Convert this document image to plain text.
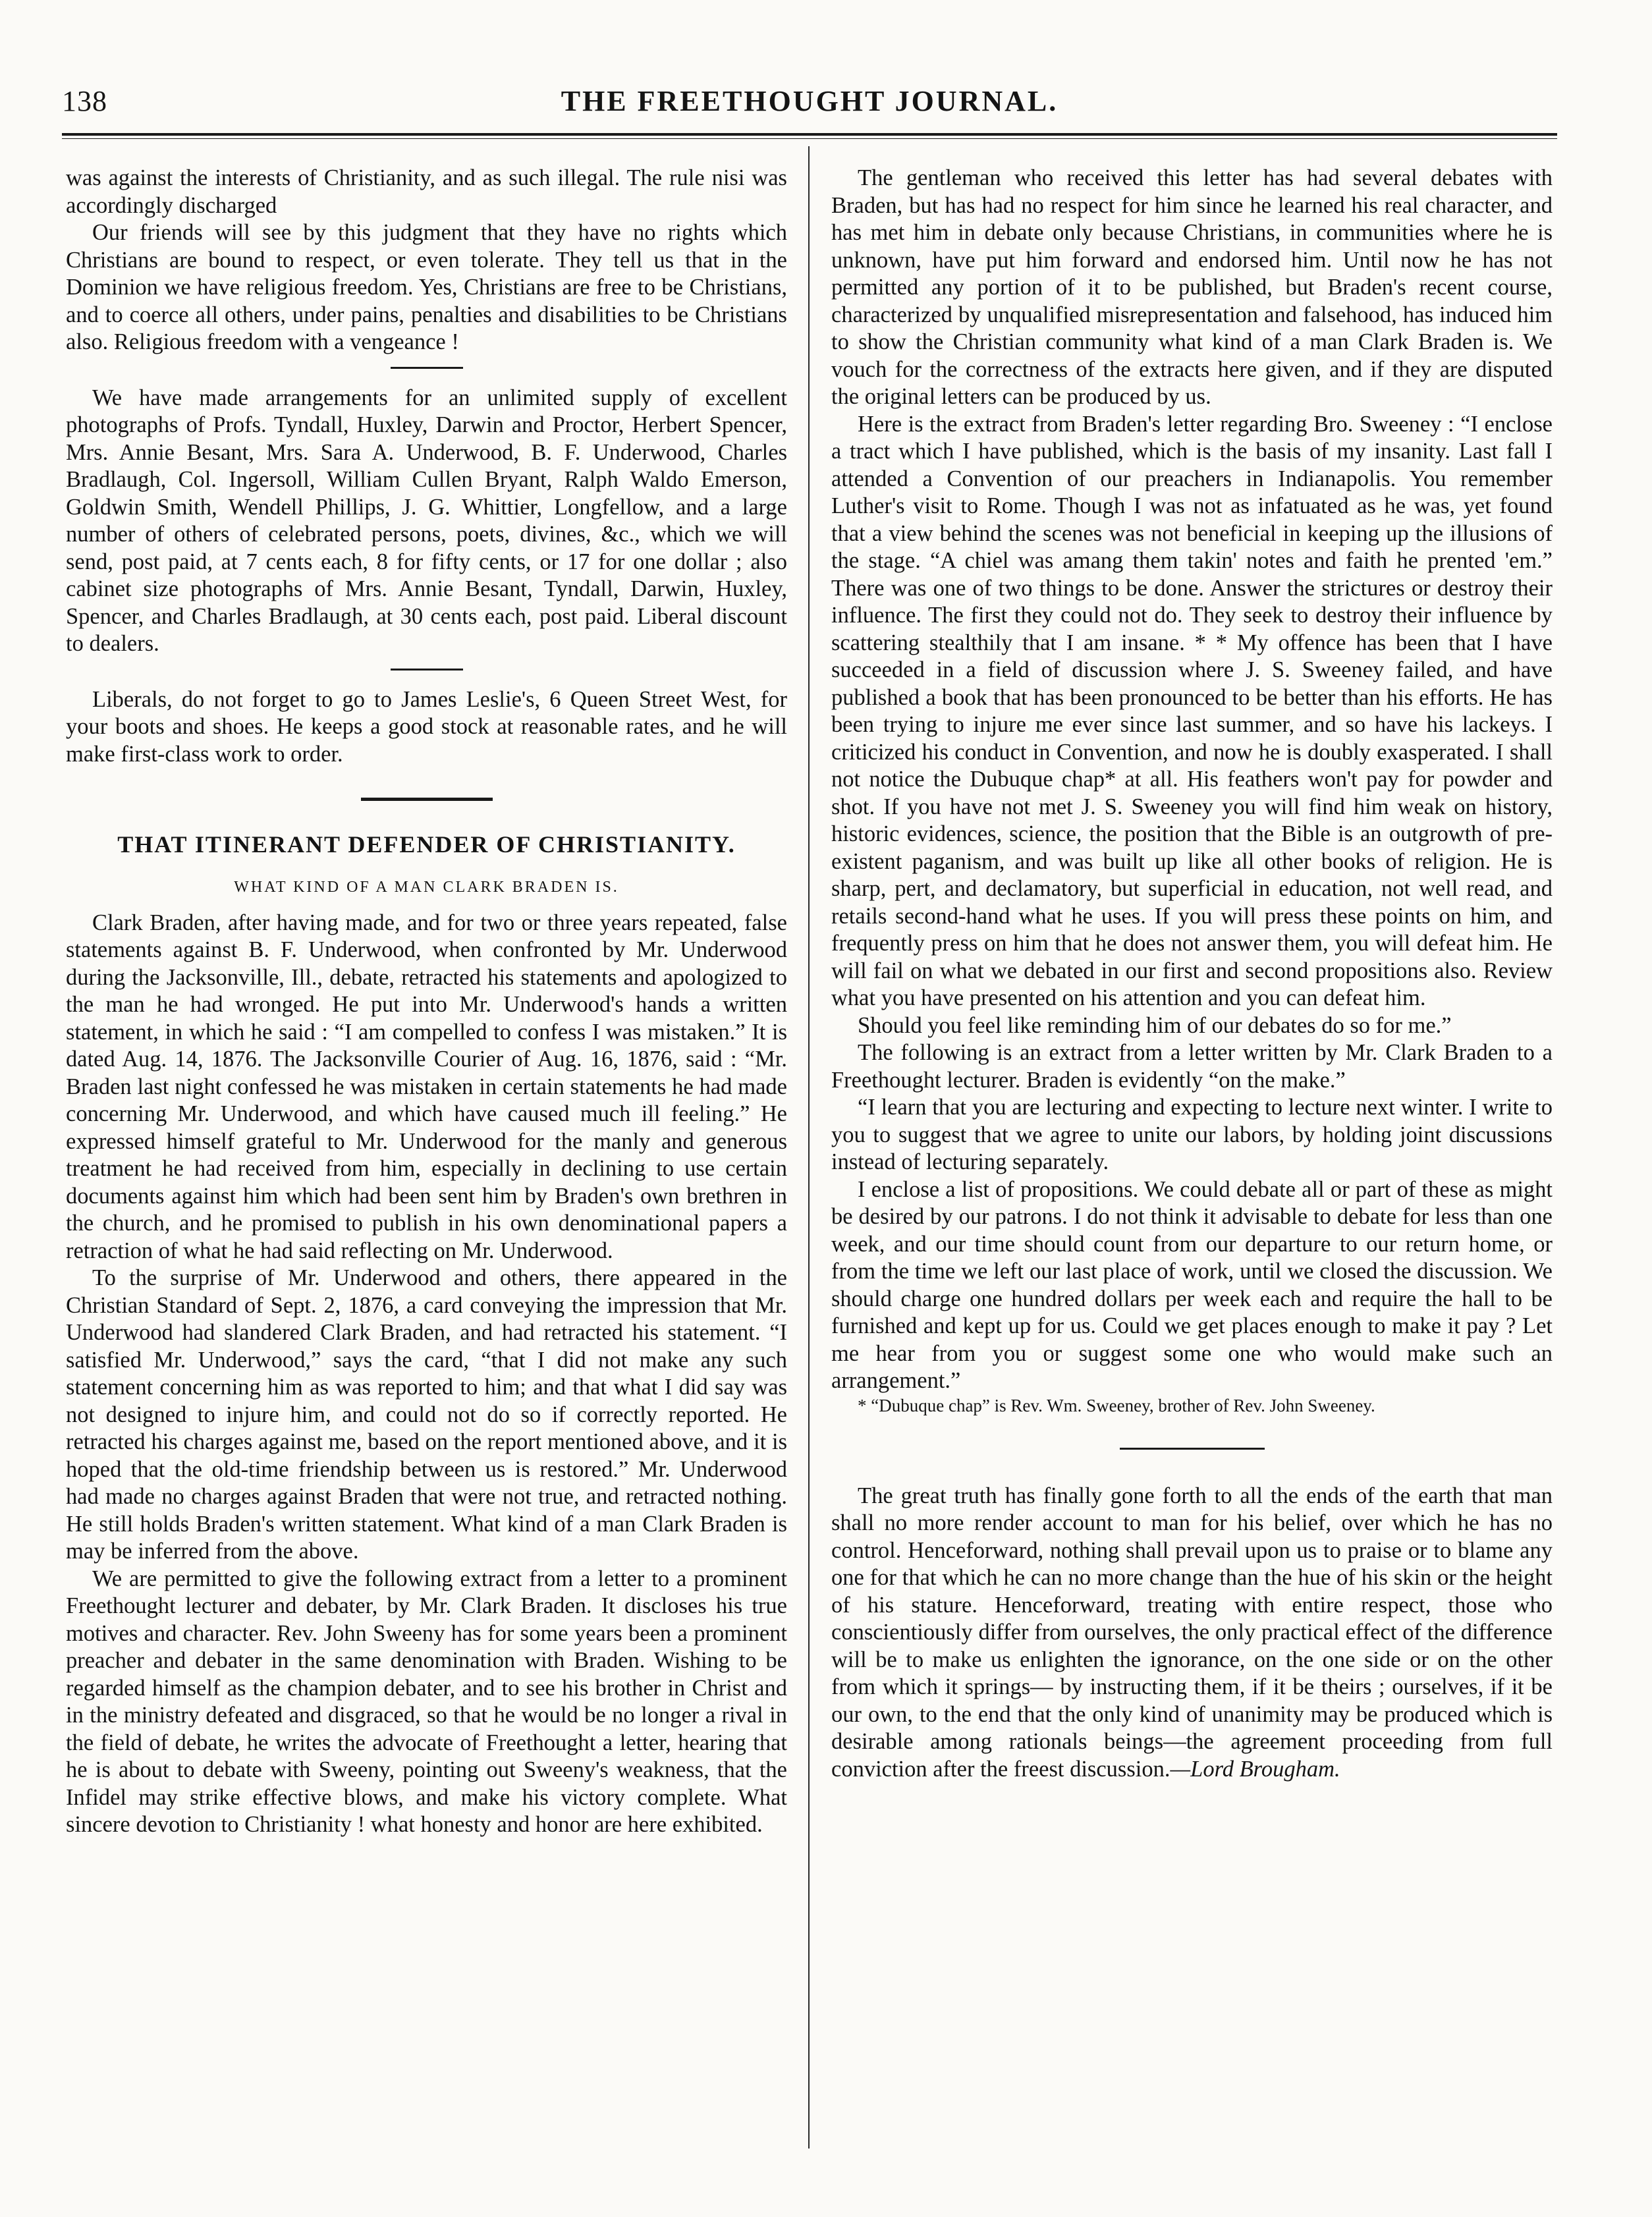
138	THE FREETHOUGHT JOURNAL.

was against the interests of Christianity, and as such illegal. The rule nisi was accordingly discharged

Our friends will see by this judgment that they have no rights which Christians are bound to respect, or even tolerate. They tell us that in the Dominion we have religious freedom. Yes, Christians are free to be Christians, and to coerce all others, under pains, penalties and disabilities to be Christians also. Religious freedom with a vengeance !

We have made arrangements for an unlimited supply of excellent photographs of Profs. Tyndall, Huxley, Darwin and Proctor, Herbert Spencer, Mrs. Annie Besant, Mrs. Sara A. Underwood, B. F. Underwood, Charles Bradlaugh, Col. Ingersoll, William Cullen Bryant, Ralph Waldo Emerson, Goldwin Smith, Wendell Phillips, J. G. Whittier, Longfellow, and a large number of others of celebrated persons, poets, divines, &c., which we will send, post paid, at 7 cents each, 8 for fifty cents, or 17 for one dollar ; also cabinet size photographs of Mrs. Annie Besant, Tyndall, Darwin, Huxley, Spencer, and Charles Bradlaugh, at 30 cents each, post paid. Liberal discount to dealers.

Liberals, do not forget to go to James Leslie's, 6 Queen Street West, for your boots and shoes. He keeps a good stock at reasonable rates, and he will make first-class work to order.

THAT ITINERANT DEFENDER OF CHRISTIANITY.
WHAT KIND OF A MAN CLARK BRADEN IS.

Clark Braden, after having made, and for two or three years repeated, false statements against B. F. Underwood, when confronted by Mr. Underwood during the Jacksonville, Ill., debate, retracted his statements and apologized to the man he had wronged. He put into Mr. Underwood's hands a written statement, in which he said : “I am compelled to confess I was mistaken.” It is dated Aug. 14, 1876. The Jacksonville Courier of Aug. 16, 1876, said : “Mr. Braden last night confessed he was mistaken in certain statements he had made concerning Mr. Underwood, and which have caused much ill feeling.” He expressed himself grateful to Mr. Underwood for the manly and generous treatment he had received from him, especially in declining to use certain documents against him which had been sent him by Braden's own brethren in the church, and he promised to publish in his own denominational papers a retraction of what he had said reflecting on Mr. Underwood.

To the surprise of Mr. Underwood and others, there appeared in the Christian Standard of Sept. 2, 1876, a card conveying the impression that Mr. Underwood had slandered Clark Braden, and had retracted his statement. “I satisfied Mr. Underwood,” says the card, “that I did not make any such statement concerning him as was reported to him; and that what I did say was not designed to injure him, and could not do so if correctly reported. He retracted his charges against me, based on the report mentioned above, and it is hoped that the old-time friendship between us is restored.” Mr. Underwood had made no charges against Braden that were not true, and retracted nothing. He still holds Braden's written statement. What kind of a man Clark Braden is may be inferred from the above.

We are permitted to give the following extract from a letter to a prominent Freethought lecturer and debater, by Mr. Clark Braden. It discloses his true motives and character. Rev. John Sweeny has for some years been a prominent preacher and debater in the same denomination with Braden. Wishing to be regarded himself as the champion debater, and to see his brother in Christ and in the ministry defeated and disgraced, so that he would be no longer a rival in the field of debate, he writes the advocate of Freethought a letter, hearing that he is about to debate with Sweeny, pointing out Sweeny's weakness, that the Infidel may strike effective blows, and make his victory complete. What sincere devotion to Christianity ! what honesty and honor are here exhibited.

The gentleman who received this letter has had several debates with Braden, but has had no respect for him since he learned his real character, and has met him in debate only because Christians, in communities where he is unknown, have put him forward and endorsed him. Until now he has not permitted any portion of it to be published, but Braden's recent course, characterized by unqualified misrepresentation and falsehood, has induced him to show the Christian community what kind of a man Clark Braden is. We vouch for the correctness of the extracts here given, and if they are disputed the original letters can be produced by us.

Here is the extract from Braden's letter regarding Bro. Sweeney : “I enclose a tract which I have published, which is the basis of my insanity. Last fall I attended a Convention of our preachers in Indianapolis. You remember Luther's visit to Rome. Though I was not as infatuated as he was, yet found that a view behind the scenes was not beneficial in keeping up the illusions of the stage. “A chiel was amang them takin' notes and faith he prented 'em.” There was one of two things to be done. Answer the strictures or destroy their influence. The first they could not do. They seek to destroy their influence by scattering stealthily that I am insane. * * My offence has been that I have succeeded in a field of discussion where J. S. Sweeney failed, and have published a book that has been pronounced to be better than his efforts. He has been trying to injure me ever since last summer, and so have his lackeys. I criticized his conduct in Convention, and now he is doubly exasperated. I shall not notice the Dubuque chap* at all. His feathers won't pay for powder and shot. If you have not met J. S. Sweeney you will find him weak on history, historic evidences, science, the position that the Bible is an outgrowth of pre-existent paganism, and was built up like all other books of religion. He is sharp, pert, and declamatory, but superficial in education, not well read, and retails second-hand what he uses. If you will press these points on him, and frequently press on him that he does not answer them, you will defeat him. He will fail on what we debated in our first and second propositions also. Review what you have presented on his attention and you can defeat him.

Should you feel like reminding him of our debates do so for me.”

The following is an extract from a letter written by Mr. Clark Braden to a Freethought lecturer. Braden is evidently “on the make.”

“I learn that you are lecturing and expecting to lecture next winter. I write to you to suggest that we agree to unite our labors, by holding joint discussions instead of lecturing separately.

I enclose a list of propositions. We could debate all or part of these as might be desired by our patrons. I do not think it advisable to debate for less than one week, and our time should count from our departure to our return home, or from the time we left our last place of work, until we closed the discussion. We should charge one hundred dollars per week each and require the hall to be furnished and kept up for us. Could we get places enough to make it pay ? Let me hear from you or suggest some one who would make such an arrangement.”

* “Dubuque chap” is Rev. Wm. Sweeney, brother of Rev. John Sweeney.

The great truth has finally gone forth to all the ends of the earth that man shall no more render account to man for his belief, over which he has no control. Henceforward, nothing shall prevail upon us to praise or to blame any one for that which he can no more change than the hue of his skin or the height of his stature. Henceforward, treating with entire respect, those who conscientiously differ from ourselves, the only practical effect of the difference will be to make us enlighten the ignorance, on the one side or on the other from which it springs— by instructing them, if it be theirs ; ourselves, if it be our own, to the end that the only kind of unanimity may be produced which is desirable among rationals beings—the agreement proceeding from full conviction after the freest discussion.—Lord Brougham.
